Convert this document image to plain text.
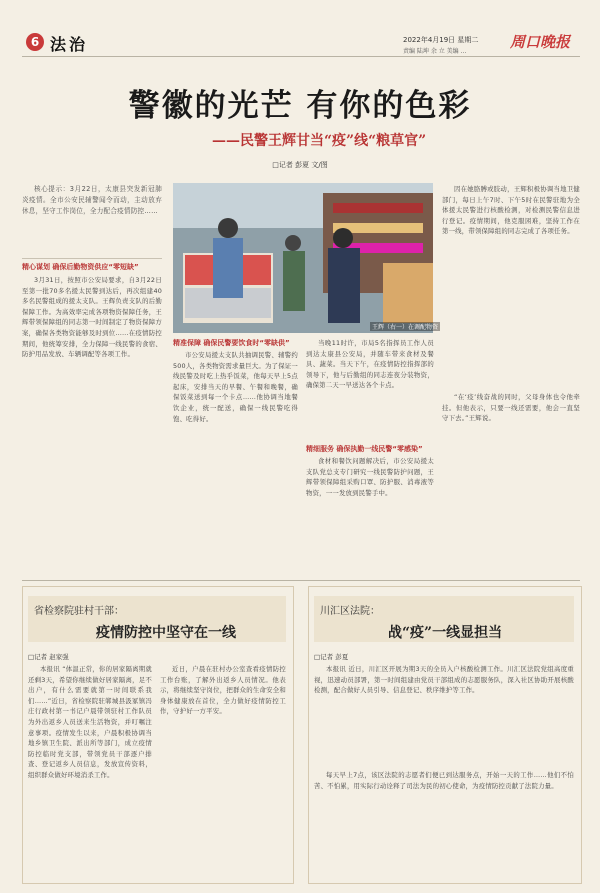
6 法治	2022年4月19日 星期二
责编 陆坤 余 立 美编 ...
周口晚报
警徽的光芒 有你的色彩
——民警王辉甘当“疫”线“粮草官”
□记者 彭夏 文/图

核心提示：3月22日，太康县突发新冠肺炎疫情。全市公安民辅警闻令而动，主动放弃休息，坚守工作岗位，全力配合疫情防控……

精心谋划 确保后勤物资供应“零短缺”

3月31日，按照市公安局要求，自3月22日至第一批70多名援太民警到达后，再次组建40多名民警组成的援太支队。王辉负责支队的后勤保障工作。为高效率完成各项物资保障任务，王辉带领保障组的同志第一时间制定了物资保障方案，确保各类物资能够及时到位……在疫情防控期间，他统筹安排，全力保障一线民警的食宿、防护用品发放、车辆调配等各项工作。

王辉（右一）在调配物资
精准保障 确保民警要饮食时“零缺供”

市公安局援太支队共抽调民警、辅警约500人，各类物资需求量巨大。为了保证一线民警及时吃上热乎饭菜，他每天早上5点起床，安排当天的早餐、午餐和晚餐，确保饭菜送到每一个卡点……他协调当地餐饮企业，统一配送，确保一线民警吃得饱、吃得好。

当晚11时许，市局5名指挥员工作人员到达太康县公安局，并随车带来食材及餐具、蔬菜。当天下午，在疫情防控指挥部的领导下，他与后勤组的同志连夜分装物资，确保第二天一早送达各个卡点。

精细服务 确保执勤一线民警“零感染”

食材和餐饮问题解决后，市公安局援太支队党总支专门研究一线民警防护问题，王辉带领保障组采购口罩、防护服、消毒液等物资，一一发放到民警手中。

因在她胳膊或肢动，王辉积极协调当地卫健部门，每日上午7时、下午5时在民警驻地为全体援太民警进行核酸检测，对检测民警信息进行登记。疫情期间，他克服困难，坚持工作在第一线，带领保障组的同志完成了各项任务。

“在‘疫’线奋战的同时，父母身体也令他牵挂。但他表示，只要一线还需要，他会一直坚守下去。”王辉说。

省检察院驻村干部：
疫情防控中坚守在一线
□记者 赵家强

本报讯 “体温正常，你的居家隔离期就还剩3天，希望你继续做好居家隔离，足不出户，有什么需要就第一时间联系我们……”近日，省检察院驻郸城县汲冢镇冯庄行政村第一书记户晨带领驻村工作队员为外出返乡人员送来生活物资，并叮嘱注意事项。疫情发生以来，户晨积极协调当地乡镇卫生院、派出所等部门，成立疫情防控临时党支部，带领党员干部逐户排查、登记返乡人员信息，发放宣传资料，组织群众做好环境消杀工作。

近日，户晨在驻村办公室查看疫情防控工作台账，了解外出返乡人员情况。他表示，将继续坚守岗位，把群众的生命安全和身体健康放在首位，全力做好疫情防控工作，守护好一方平安。

川汇区法院：
战“疫”一线显担当
□记者 彭夏

本报讯 近日，川汇区开展为期3天的全员入户核酸检测工作。川汇区法院党组高度重视，迅速动员部署，第一时间组建由党员干部组成的志愿服务队，深入社区协助开展核酸检测，配合做好人员引导、信息登记、秩序维护等工作。

每天早上7点，该区法院的志愿者们便已到达服务点，开始一天的工作……他们不怕苦、不怕累，用实际行动诠释了司法为民的初心使命，为疫情防控贡献了法院力量。
